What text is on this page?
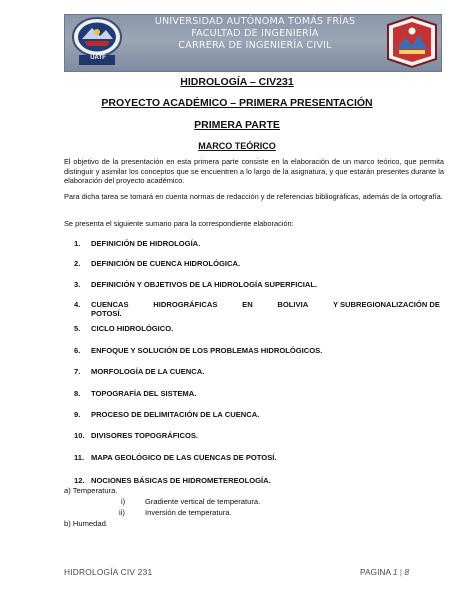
UATF
UNIVERSIDAD AUTÓNOMA TOMÁS FRÍAS
FACULTAD DE INGENIERÍA
CARRERA DE INGENIERÍA CIVIL
HIDROLOGÍA – CIV231
PROYECTO ACADÉMICO – PRIMERA PRESENTACIÓN
PRIMERA PARTE
MARCO TEÓRICO
El objetivo de la presentación en esta primera parte consiste en la elaboración de un marco teórico, que permita distinguir y asimilar los conceptos que se encuentren a lo largo de la asignatura, y que estarán presentes durante la elaboración del proyecto académico.
Para dicha tarea se tomará en cuenta normas de redacción y de referencias bibliográficas, además de la ortografía.
Se presenta el siguiente sumario para la correspondiente elaboración:
1. DEFINICIÓN DE HIDROLOGÍA.
2. DEFINICIÓN DE CUENCA HIDROLÓGICA.
3. DEFINICIÓN Y OBJETIVOS DE LA HIDROLOGÍA SUPERFICIAL.
4. CUENCAS	HIDROGRÁFICAS	EN	BOLIVIA	Y SUBREGIONALIZACIÓN DE
POTOSÍ.
5. CICLO HIDROLÓGICO.
6. ENFOQUE Y SOLUCIÓN DE LOS PROBLEMAS HIDROLÓGICOS.
7. MORFOLOGÍA DE LA CUENCA.
8. TOPOGRAFÍA DEL SISTEMA.
9. PROCESO DE DELIMITACIÓN DE LA CUENCA.
10. DIVISORES TOPOGRÁFICOS.
11. MAPA GEOLÓGICO DE LAS CUENCAS DE POTOSÍ.
12. NOCIONES BÁSICAS DE HIDROMETEREOLOGÍA.
a) Temperatura.
i)	Gradiente vertical de temperatura.
ii)	Inversión de temperatura.
b) Humedad.
HIDROLOGÍA CIV 231	PAGINA 1 | 8
